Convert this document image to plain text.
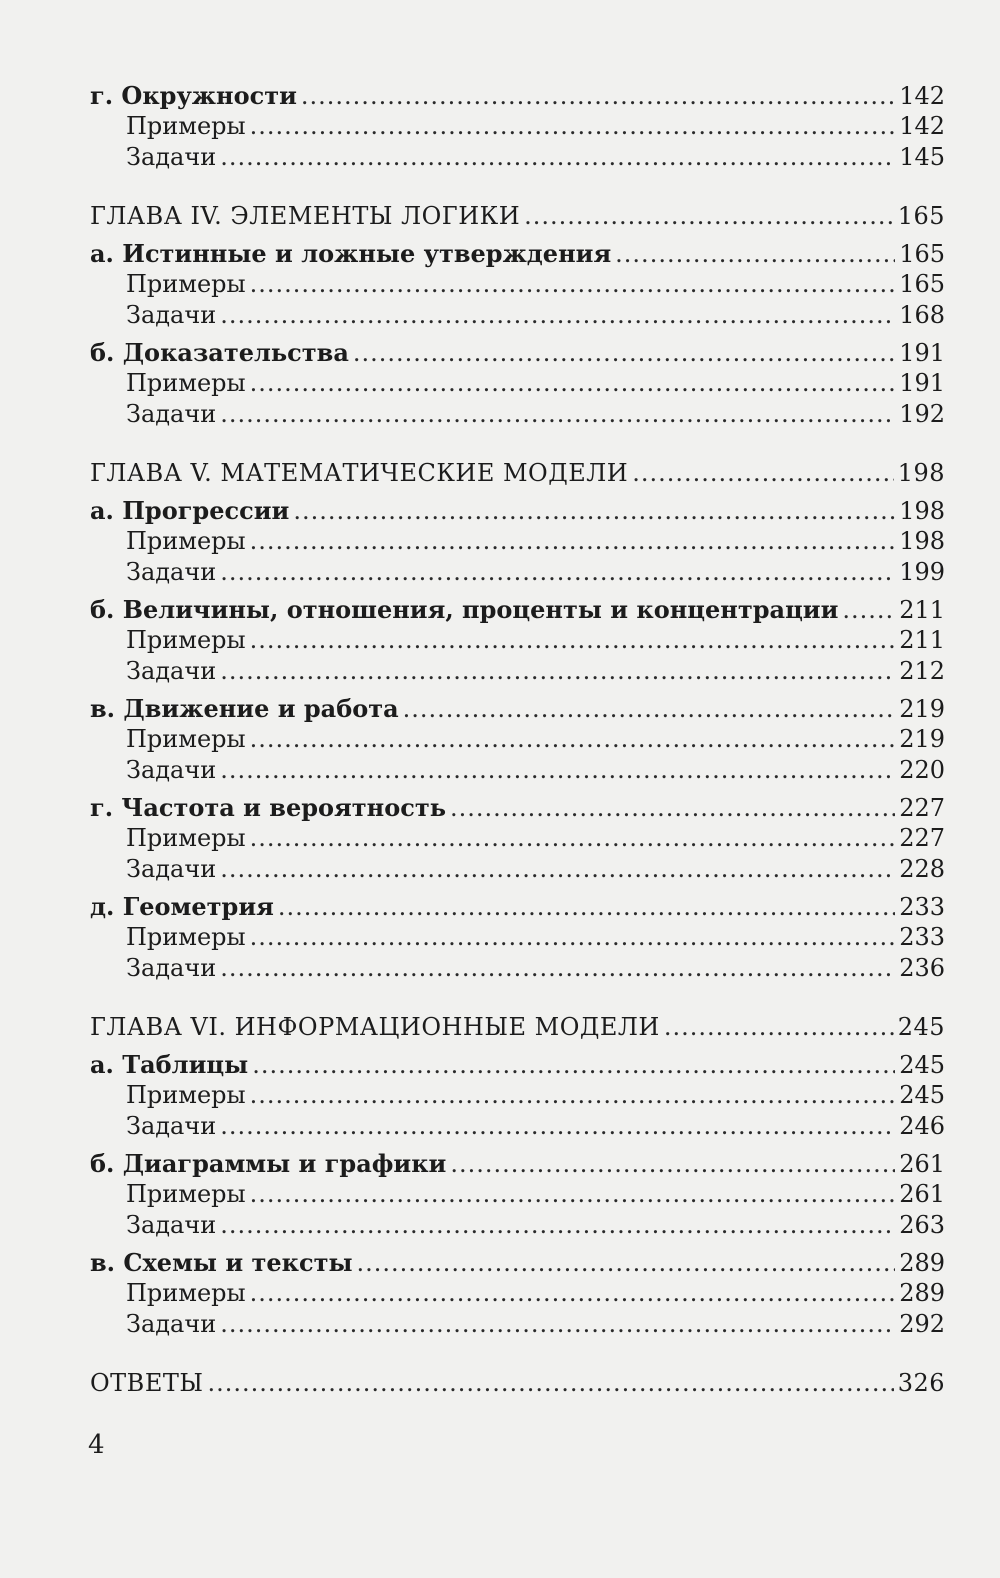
г. Окружности .....	142
Примеры .....	142
Задачи .....	145
ГЛАВА IV. ЭЛЕМЕНТЫ ЛОГИКИ .....	165
а. Истинные и ложные утверждения .....	165
Примеры .....	165
Задачи .....	168
б. Доказательства .....	191
Примеры .....	191
Задачи .....	192
ГЛАВА V. МАТЕМАТИЧЕСКИЕ МОДЕЛИ .....	198
а. Прогрессии .....	198
Примеры .....	198
Задачи .....	199
б. Величины, отношения, проценты и концентрации .....	211
Примеры .....	211
Задачи .....	212
в. Движение и работа .....	219
Примеры .....	219
Задачи .....	220
г. Частота и вероятность .....	227
Примеры .....	227
Задачи .....	228
д. Геометрия .....	233
Примеры .....	233
Задачи .....	236
ГЛАВА VI. ИНФОРМАЦИОННЫЕ МОДЕЛИ .....	245
а. Таблицы .....	245
Примеры .....	245
Задачи .....	246
б. Диаграммы и графики .....	261
Примеры .....	261
Задачи .....	263
в. Схемы и тексты .....	289
Примеры .....	289
Задачи .....	292
ОТВЕТЫ .....	326
4
